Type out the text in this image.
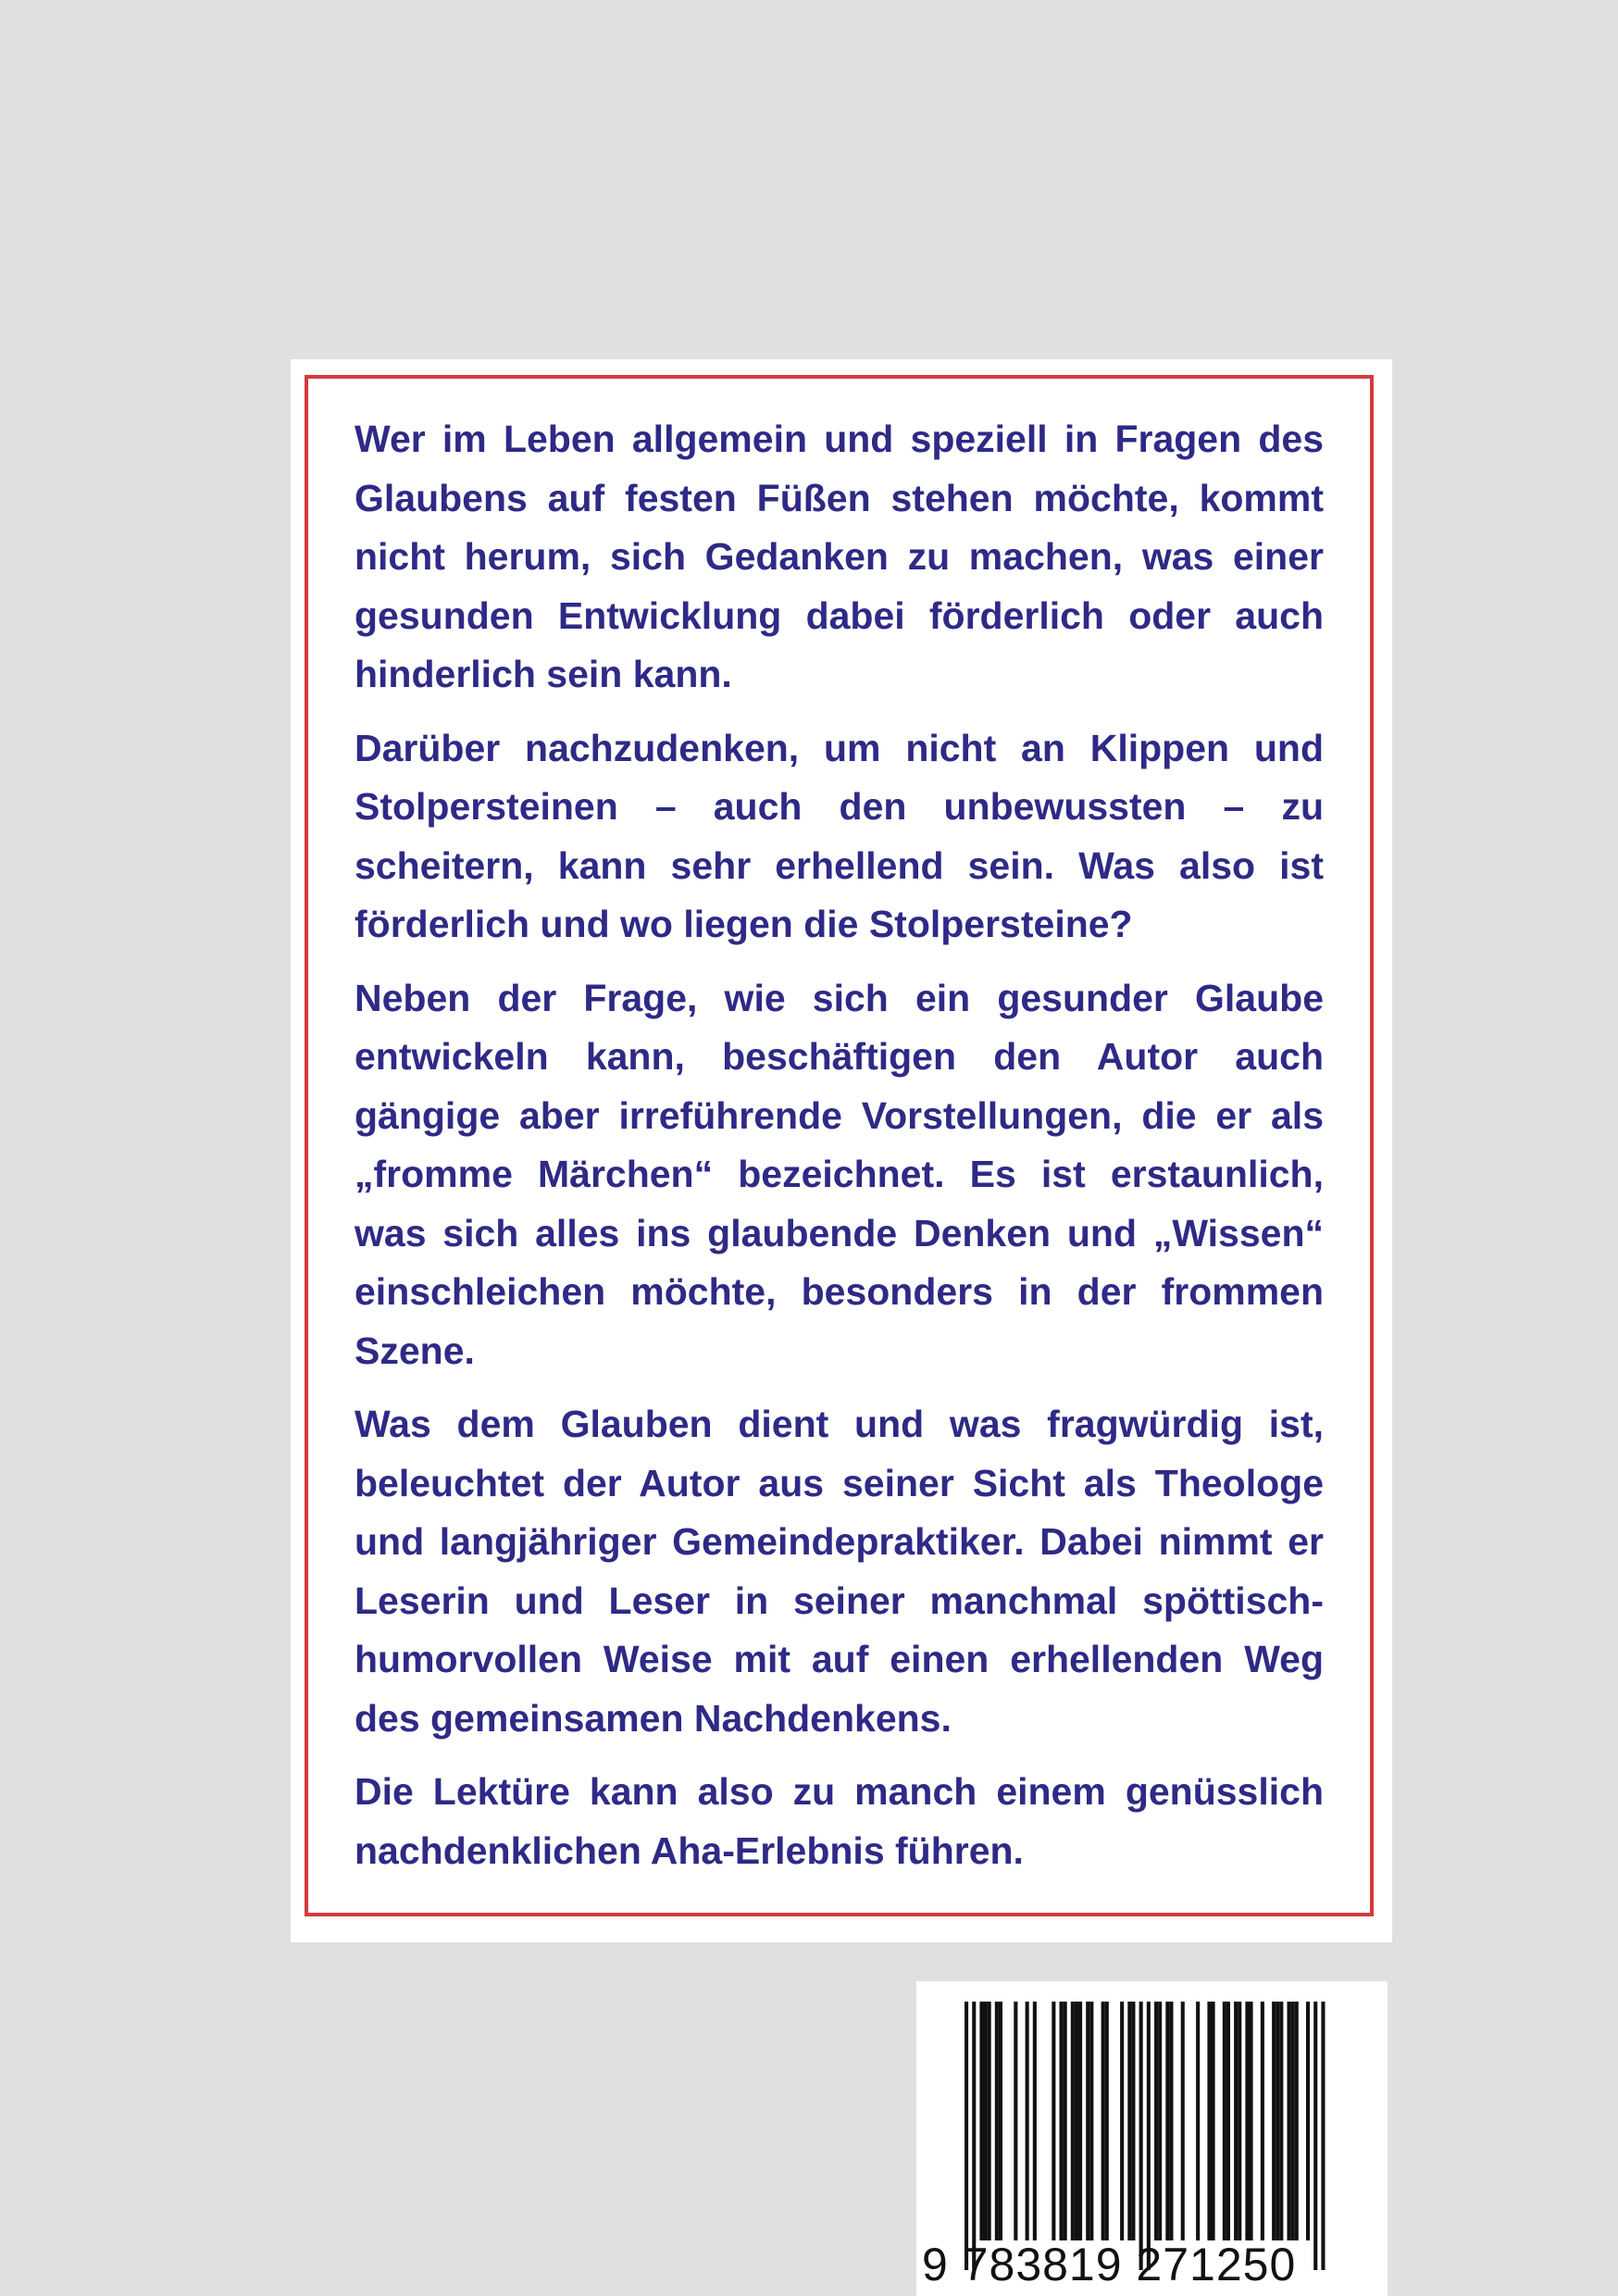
Wer im Leben allgemein und speziell in Fragen des Glaubens auf festen Füßen stehen möchte, kommt nicht herum, sich Gedanken zu machen, was einer gesunden Entwicklung dabei förderlich oder auch hinderlich sein kann.

Darüber nachzudenken, um nicht an Klippen und Stolpersteinen – auch den unbewussten – zu scheitern, kann sehr erhellend sein. Was also ist förderlich und wo liegen die Stolpersteine?

Neben der Frage, wie sich ein gesunder Glaube entwickeln kann, beschäftigen den Autor auch gängige aber irreführende Vorstellungen, die er als „fromme Märchen“ bezeichnet. Es ist erstaunlich, was sich alles ins glaubende Denken und „Wissen“ einschleichen möchte, besonders in der frommen Szene.

Was dem Glauben dient und was fragwürdig ist, beleuchtet der Autor aus seiner Sicht als Theologe und langjähriger Gemeindepraktiker. Dabei nimmt er Leserin und Leser in seiner manchmal spöttisch-humorvollen Weise mit auf einen erhellenden Weg des gemeinsamen Nachdenkens.

Die Lektüre kann also zu manch einem genüsslich nachdenklichen Aha-Erlebnis führen.

9 783819 271250
